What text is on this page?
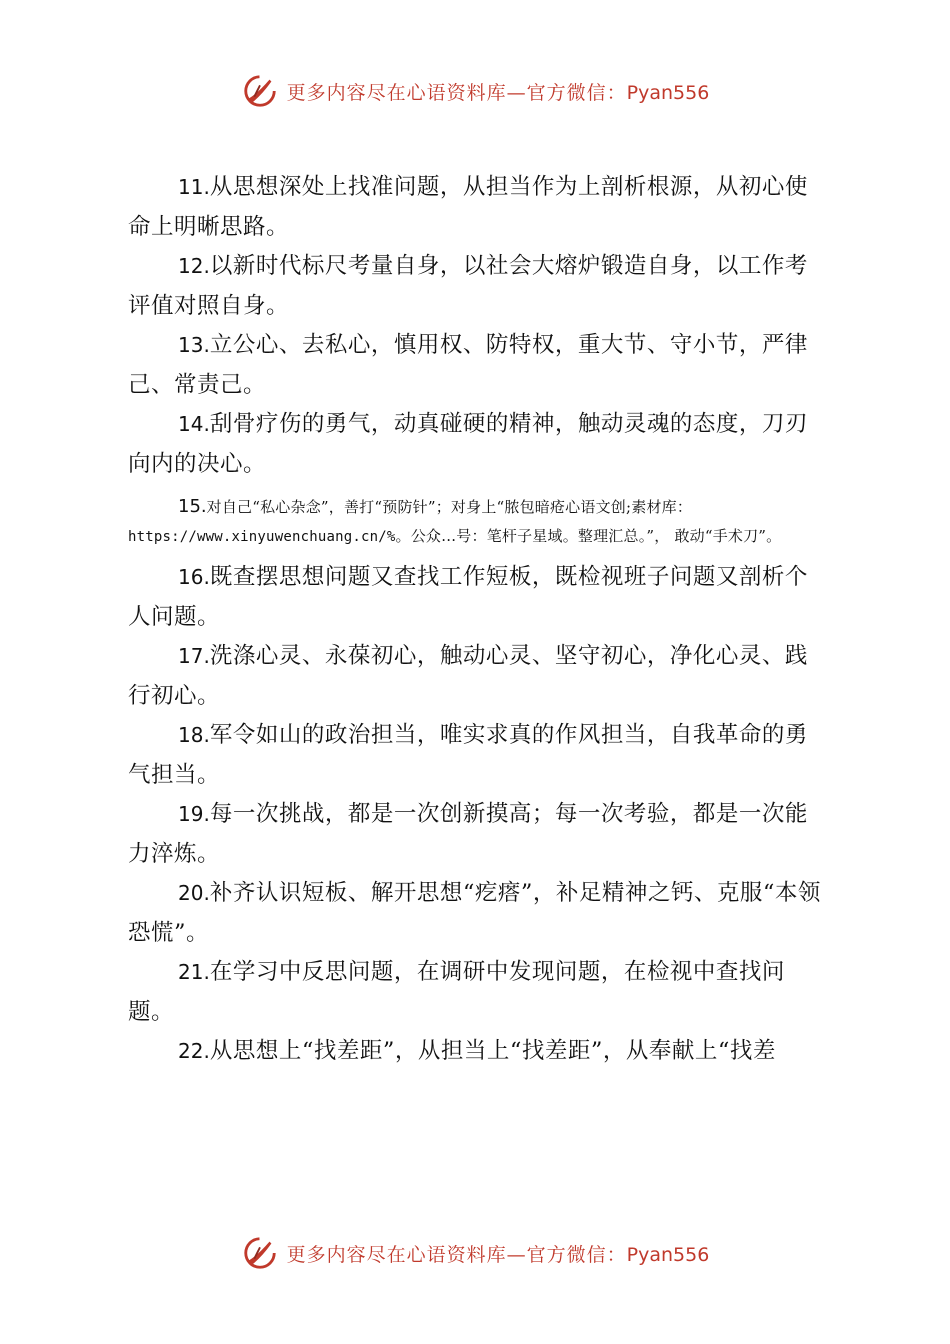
更多内容尽在心语资料库—官方微信：Pyan556

11.从思想深处上找准问题，从担当作为上剖析根源，从初心使命上明晰思路。

12.以新时代标尺考量自身，以社会大熔炉锻造自身，以工作考评值对照自身。

13.立公心、去私心，慎用权、防特权，重大节、守小节，严律己、常责己。

14.刮骨疗伤的勇气，动真碰硬的精神，触动灵魂的态度，刀刃向内的决心。

15.对自己“私心杂念”，善打“预防针”；对身上“脓包暗疮心语文创;素材库：https://www.xinyuwenchuang.cn/%。公众…号：笔杆子星域。整理汇总。”， 敢动“手术刀”。

16.既查摆思想问题又查找工作短板，既检视班子问题又剖析个人问题。

17.洗涤心灵、永葆初心，触动心灵、坚守初心，净化心灵、践行初心。

18.军令如山的政治担当，唯实求真的作风担当，自我革命的勇气担当。

19.每一次挑战，都是一次创新摸高；每一次考验，都是一次能力淬炼。

20.补齐认识短板、解开思想“疙瘩”，补足精神之钙、克服“本领恐慌”。

21.在学习中反思问题，在调研中发现问题，在检视中查找问题。

22.从思想上“找差距”，从担当上“找差距”，从奉献上“找差

更多内容尽在心语资料库—官方微信：Pyan556
